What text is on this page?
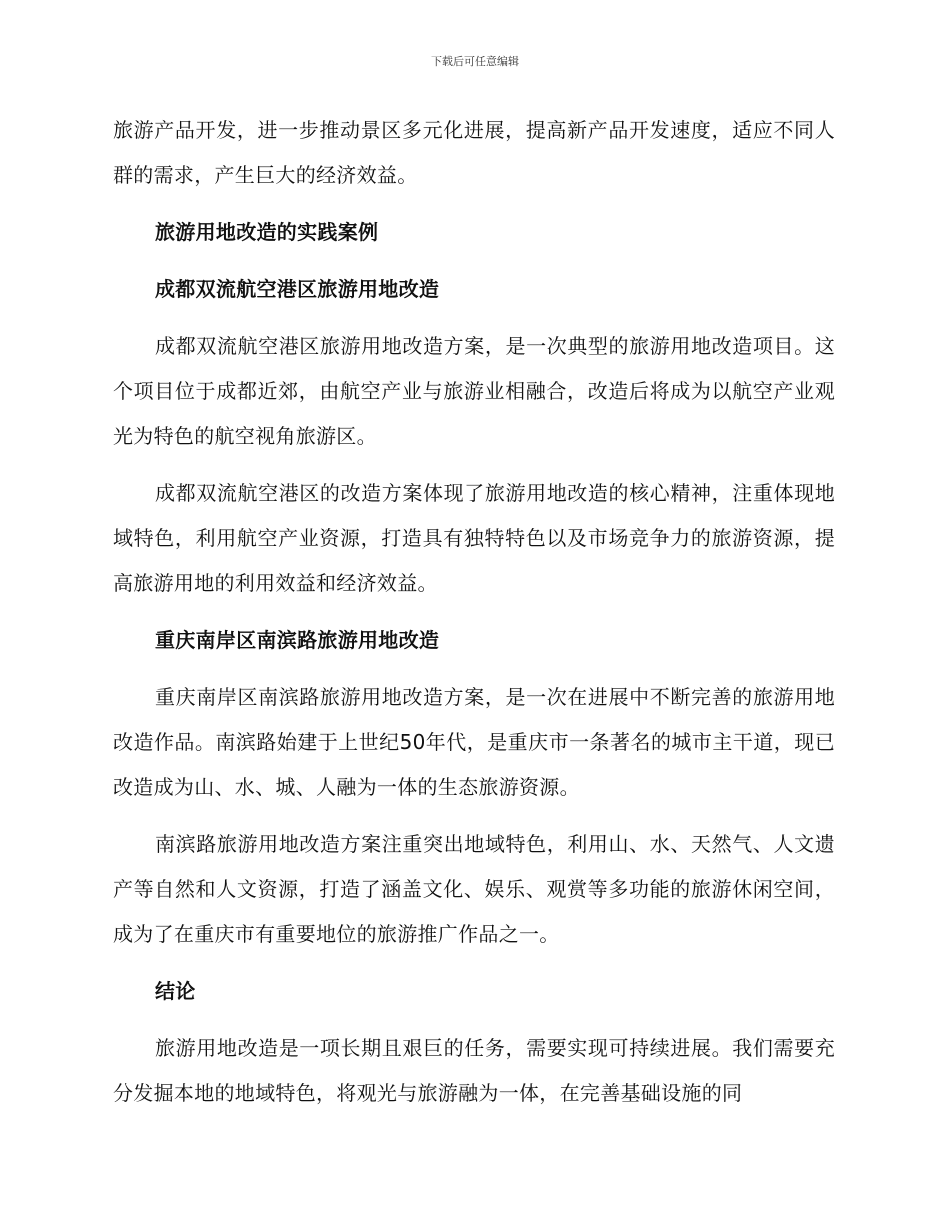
下载后可任意编辑

旅游产品开发，进一步推动景区多元化进展，提高新产品开发速度，适应不同人群的需求，产生巨大的经济效益。

旅游用地改造的实践案例
成都双流航空港区旅游用地改造

成都双流航空港区旅游用地改造方案，是一次典型的旅游用地改造项目。这个项目位于成都近郊，由航空产业与旅游业相融合，改造后将成为以航空产业观光为特色的航空视角旅游区。

成都双流航空港区的改造方案体现了旅游用地改造的核心精神，注重体现地域特色，利用航空产业资源，打造具有独特特色以及市场竞争力的旅游资源，提高旅游用地的利用效益和经济效益。

重庆南岸区南滨路旅游用地改造

重庆南岸区南滨路旅游用地改造方案，是一次在进展中不断完善的旅游用地改造作品。南滨路始建于上世纪50年代，是重庆市一条著名的城市主干道，现已改造成为山、水、城、人融为一体的生态旅游资源。

南滨路旅游用地改造方案注重突出地域特色，利用山、水、天然气、人文遗产等自然和人文资源，打造了涵盖文化、娱乐、观赏等多功能的旅游休闲空间，成为了在重庆市有重要地位的旅游推广作品之一。

结论

旅游用地改造是一项长期且艰巨的任务，需要实现可持续进展。我们需要充分发掘本地的地域特色，将观光与旅游融为一体，在完善基础设施的同
